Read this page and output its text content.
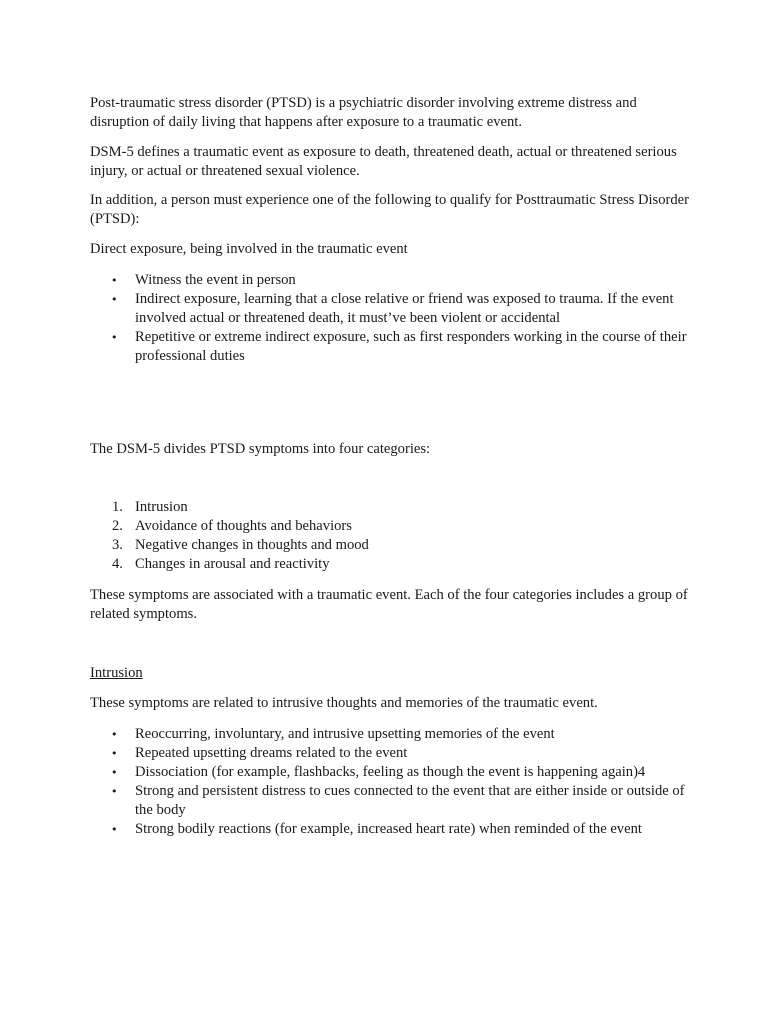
Post-traumatic stress disorder (PTSD) is a psychiatric disorder involving extreme distress and disruption of daily living that happens after exposure to a traumatic event.

DSM-5 defines a traumatic event as exposure to death, threatened death, actual or threatened serious injury, or actual or threatened sexual violence.

In addition, a person must experience one of the following to qualify for Posttraumatic Stress Disorder (PTSD):

Direct exposure, being involved in the traumatic event

•	Witness the event in person
•	Indirect exposure, learning that a close relative or friend was exposed to trauma. If the event involved actual or threatened death, it must’ve been violent or accidental
•	Repetitive or extreme indirect exposure, such as first responders working in the course of their professional duties

The DSM-5 divides PTSD symptoms into four categories:

1. Intrusion
2. Avoidance of thoughts and behaviors
3. Negative changes in thoughts and mood
4. Changes in arousal and reactivity

These symptoms are associated with a traumatic event. Each of the four categories includes a group of related symptoms.

Intrusion

These symptoms are related to intrusive thoughts and memories of the traumatic event.

•	Reoccurring, involuntary, and intrusive upsetting memories of the event
•	Repeated upsetting dreams related to the event
•	Dissociation (for example, flashbacks, feeling as though the event is happening again)4
•	Strong and persistent distress to cues connected to the event that are either inside or outside of the body
•	Strong bodily reactions (for example, increased heart rate) when reminded of the event
